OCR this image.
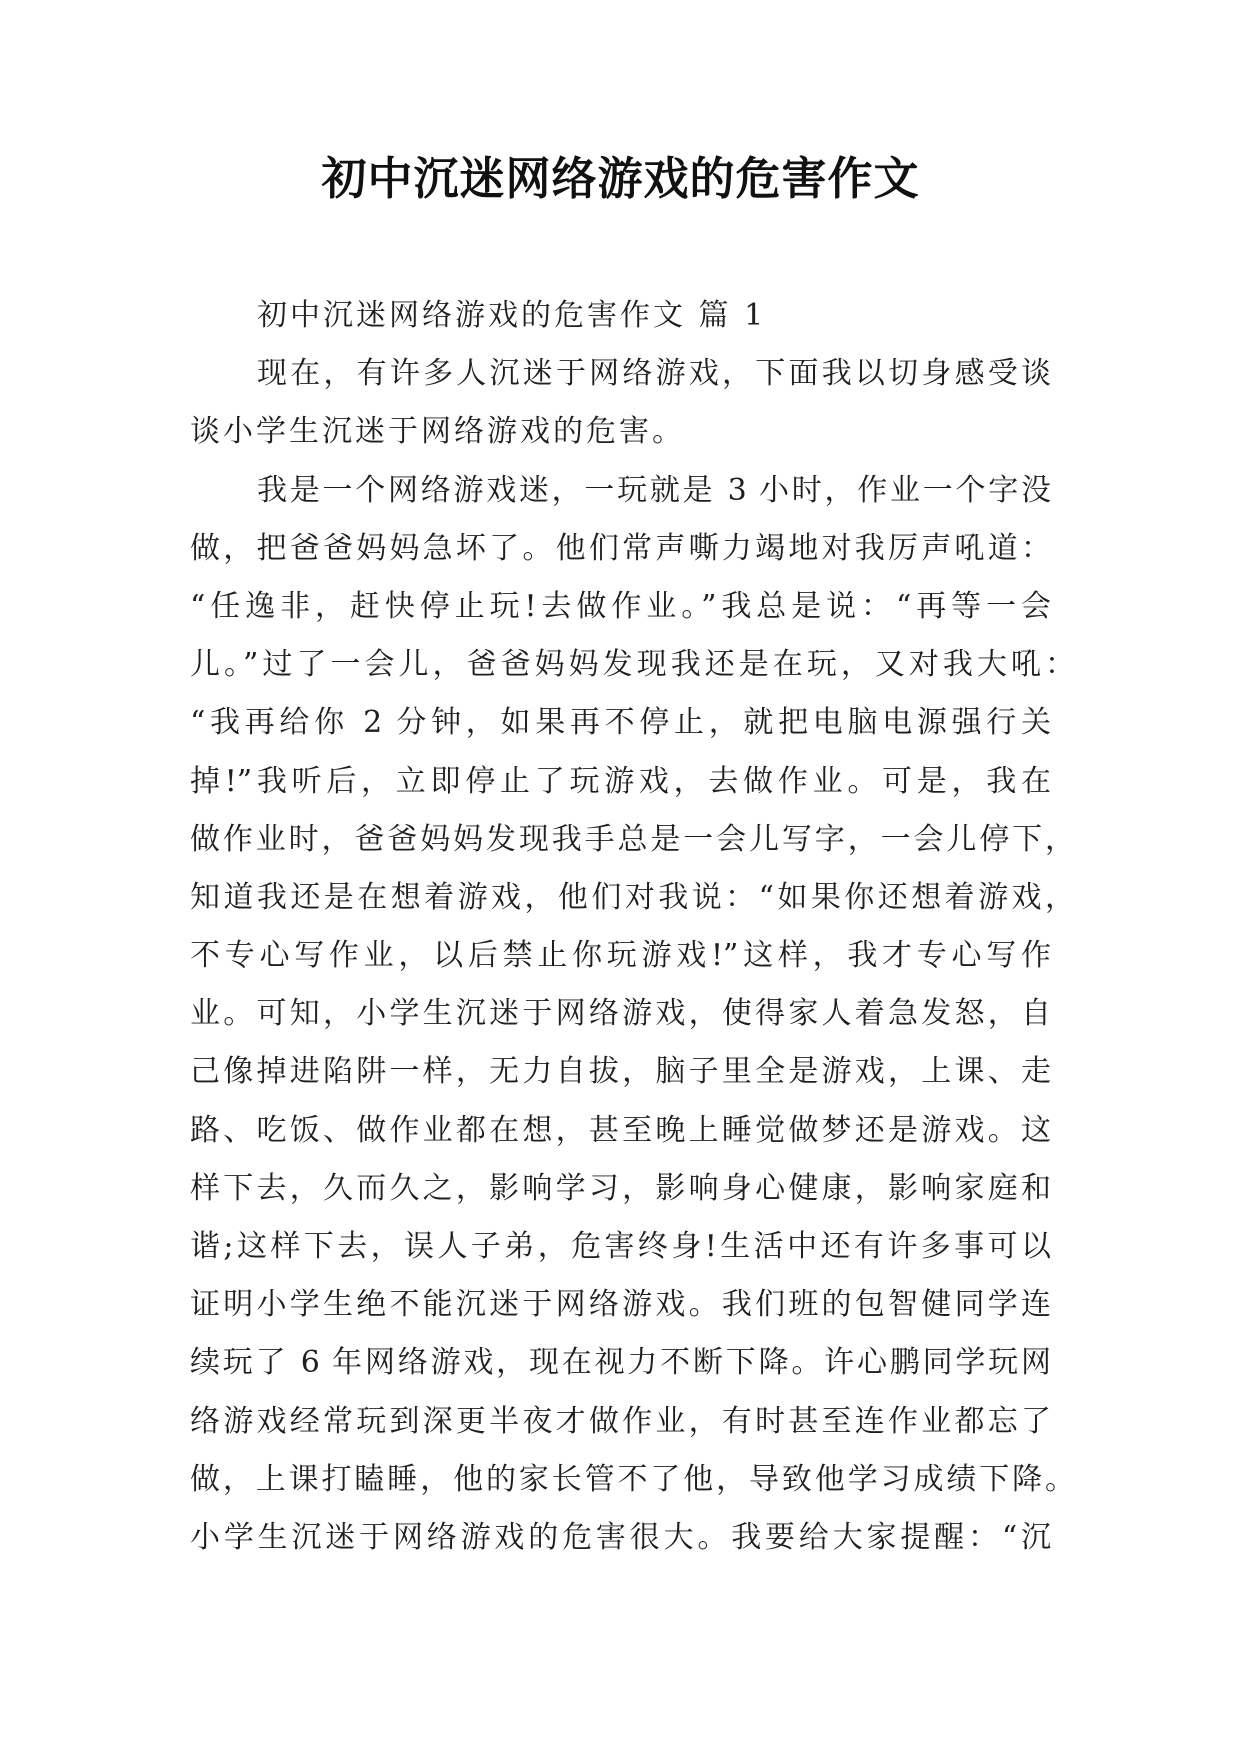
初中沉迷网络游戏的危害作文
初中沉迷网络游戏的危害作文 篇 1
现在，有许多人沉迷于网络游戏，下面我以切身感受谈
谈小学生沉迷于网络游戏的危害。
我是一个网络游戏迷，一玩就是 3 小时，作业一个字没
做，把爸爸妈妈急坏了。他们常声嘶力竭地对我厉声吼道：
“任逸非，赶快停止玩!去做作业。”我总是说：“再等一会
儿。”过了一会儿，爸爸妈妈发现我还是在玩，又对我大吼：
“我再给你 2 分钟，如果再不停止，就把电脑电源强行关
掉!”我听后，立即停止了玩游戏，去做作业。可是，我在
做作业时，爸爸妈妈发现我手总是一会儿写字，一会儿停下，
知道我还是在想着游戏，他们对我说：“如果你还想着游戏，
不专心写作业，以后禁止你玩游戏!”这样，我才专心写作
业。可知，小学生沉迷于网络游戏，使得家人着急发怒，自
己像掉进陷阱一样，无力自拔，脑子里全是游戏，上课、走
路、吃饭、做作业都在想，甚至晚上睡觉做梦还是游戏。这
样下去，久而久之，影响学习，影响身心健康，影响家庭和
谐;这样下去，误人子弟，危害终身!生活中还有许多事可以
证明小学生绝不能沉迷于网络游戏。我们班的包智健同学连
续玩了 6 年网络游戏，现在视力不断下降。许心鹏同学玩网
络游戏经常玩到深更半夜才做作业，有时甚至连作业都忘了
做，上课打瞌睡，他的家长管不了他，导致他学习成绩下降。
小学生沉迷于网络游戏的危害很大。我要给大家提醒：“沉
